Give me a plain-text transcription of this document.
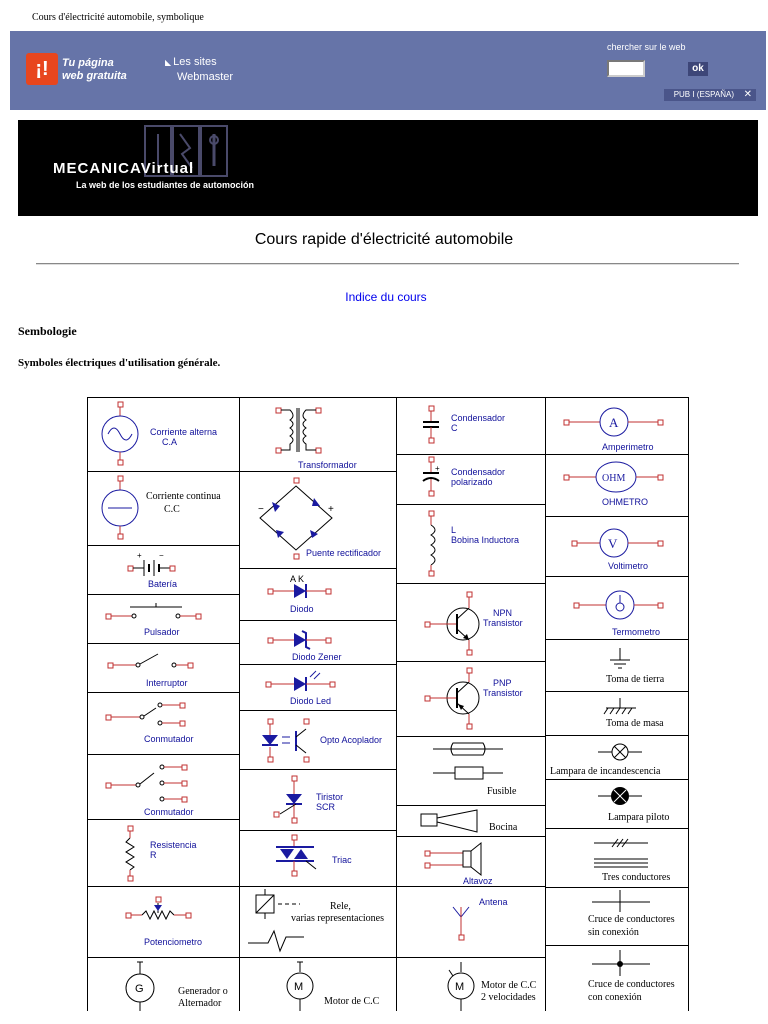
Cours d'électricité automobile, symbolique
¡!	Tu página
web gratuita
◣ Les sites
Webmaster
chercher sur le web
ok
PUB I (ESPAÑA) ✕
MECANICAVirtual
La web de los estudiantes de automoción
Cours rapide d'électricité automobile
Indice du cours
Sembologie
Symboles électriques d'utilisation générale.
Corriente alterna
C.A
Corriente continua
C.C
+ −
Batería
Pulsador
Interruptor
Conmutador
Conmutador
Resistencia
R
Potenciometro
G	Generador o
Alternador
Transformador
−	+
Puente rectificador
A K
Diodo
Diodo Zener
Diodo Led
Opto Acoplador
Tiristor
SCR
Triac
Rele,
varias representaciones
M
Motor de C.C
Condensador
C
+ Condensador
polarizado
L
Bobina Inductora
NPN
Transistor
PNP
Transistor
Fusible
Bocina
Altavoz
Antena
M Motor de C.C
2 velocidades
A
Amperimetro
OHM
OHMETRO
V
Voltimetro
Termometro
Toma de tierra
Toma de masa
Lampara de incandescencia
Lampara piloto
Tres conductores
Cruce de conductores
sin conexión
Cruce de conductores
con conexión
